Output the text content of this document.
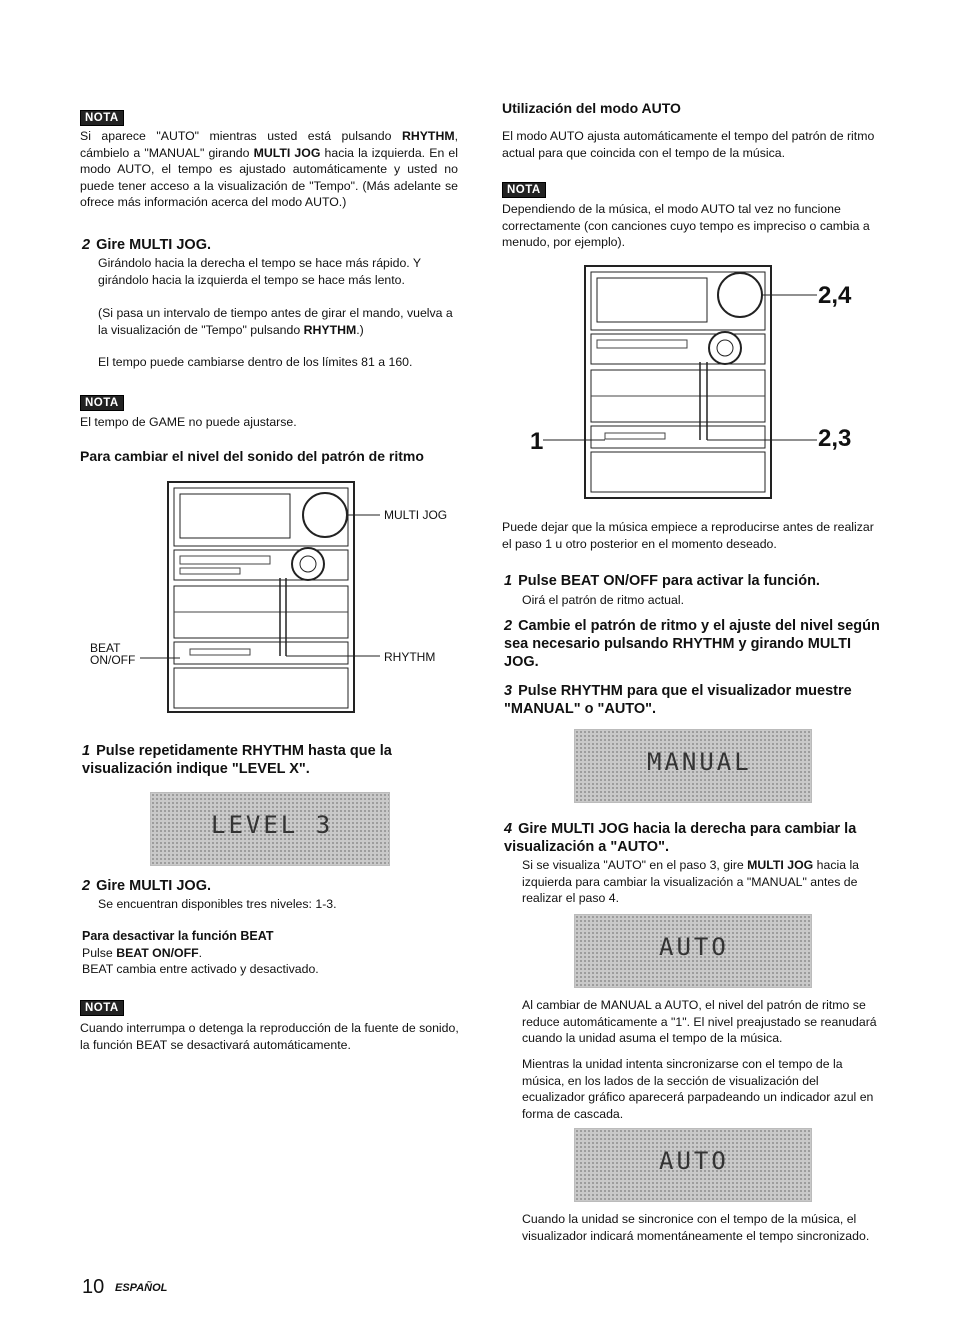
NOTA

Si aparece "AUTO" mientras usted está pulsando RHYTHM, cámbielo a "MANUAL" girando MULTI JOG hacia la izquierda. En el modo AUTO, el tempo es ajustado automáticamente y usted no puede tener acceso a la visualización de "Tempo". (Más adelante se ofrece más información acerca del modo AUTO.)

2 Gire MULTI JOG.

Girándolo hacia la derecha el tempo se hace más rápido. Y girándolo hacia la izquierda el tempo se hace más lento.

(Si pasa un intervalo de tiempo antes de girar el mando, vuelva a la visualización de "Tempo" pulsando RHYTHM.)

El tempo puede cambiarse dentro de los límites 81 a 160.

NOTA

El tempo de GAME no puede ajustarse.

Para cambiar el nivel del sonido del patrón de ritmo

MULTI JOG
BEAT
ON/OFF	RHYTHM

1 Pulse repetidamente RHYTHM hasta que la visualización indique "LEVEL X".

LEVEL 3

2 Gire MULTI JOG.

Se encuentran disponibles tres niveles: 1-3.

Para desactivar la función BEAT

Pulse BEAT ON/OFF.

BEAT cambia entre activado y desactivado.

NOTA

Cuando interrumpa o detenga la reproducción de la fuente de sonido, la función BEAT se desactivará automáticamente.

Utilización del modo AUTO

El modo AUTO ajusta automáticamente el tempo del patrón de ritmo actual para que coincida con el tempo de la música.

NOTA

Dependiendo de la música, el modo AUTO tal vez no funcione correctamente (con canciones cuyo tempo es impreciso o cambia a menudo, por ejemplo).

2,4
2,3
1

Puede dejar que la música empiece a reproducirse antes de realizar el paso 1 u otro posterior en el momento deseado.

1 Pulse BEAT ON/OFF para activar la función.

Oirá el patrón de ritmo actual.

2 Cambie el patrón de ritmo y el ajuste del nivel según sea necesario pulsando RHYTHM y girando MULTI JOG.

3 Pulse RHYTHM para que el visualizador muestre "MANUAL" o "AUTO".

MANUAL

4 Gire MULTI JOG hacia la derecha para cambiar la visualización a "AUTO".

Si se visualiza "AUTO" en el paso 3, gire MULTI JOG hacia la izquierda para cambiar la visualización a "MANUAL" antes de realizar el paso 4.

AUTO

Al cambiar de MANUAL a AUTO, el nivel del patrón de ritmo se reduce automáticamente a "1". El nivel preajustado se reanudará cuando la unidad asuma el tempo de la música.

Mientras la unidad intenta sincronizarse con el tempo de la música, en los lados de la sección de visualización del ecualizador gráfico aparecerá parpadeando un indicador azul en forma de cascada.

AUTO

Cuando la unidad se sincronice con el tempo de la música, el visualizador indicará momentáneamente el tempo sincronizado.

10 ESPAÑOL
